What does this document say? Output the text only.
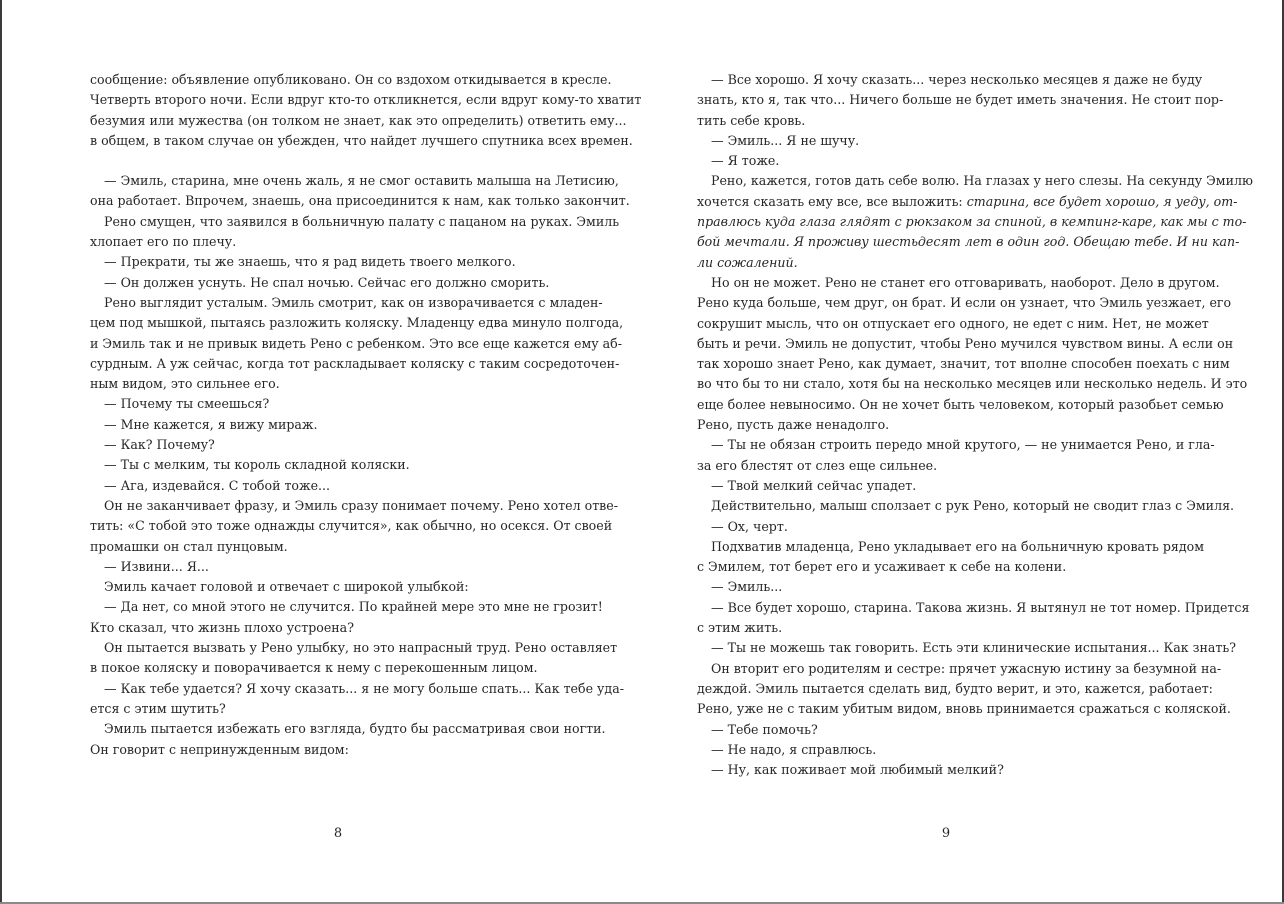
сообщение: объявление опубликовано. Он со вздохом откидывается в кресле.
Четверть второго ночи. Если вдруг кто-то откликнется, если вдруг кому-то хватит
безумия или мужества (он толком не знает, как это определить) ответить ему...
в общем, в таком случае он убежден, что найдет лучшего спутника всех времен.
— Эмиль, старина, мне очень жаль, я не смог оставить малыша на Летисию,
она работает. Впрочем, знаешь, она присоединится к нам, как только закончит.
Рено смущен, что заявился в больничную палату с пацаном на руках. Эмиль
хлопает его по плечу.
— Прекрати, ты же знаешь, что я рад видеть твоего мелкого.
— Он должен уснуть. Не спал ночью. Сейчас его должно сморить.
Рено выглядит усталым. Эмиль смотрит, как он изворачивается с младен-
цем под мышкой, пытаясь разложить коляску. Младенцу едва минуло полгода,
и Эмиль так и не привык видеть Рено с ребенком. Это все еще кажется ему аб-
сурдным. А уж сейчас, когда тот раскладывает коляску с таким сосредоточен-
ным видом, это сильнее его.
— Почему ты смеешься?
— Мне кажется, я вижу мираж.
— Как? Почему?
— Ты с мелким, ты король складной коляски.
— Ага, издевайся. С тобой тоже...
Он не заканчивает фразу, и Эмиль сразу понимает почему. Рено хотел отве-
тить: «С тобой это тоже однажды случится», как обычно, но осекся. От своей
промашки он стал пунцовым.
— Извини... Я...
Эмиль качает головой и отвечает с широкой улыбкой:
— Да нет, со мной этого не случится. По крайней мере это мне не грозит!
Кто сказал, что жизнь плохо устроена?
Он пытается вызвать у Рено улыбку, но это напрасный труд. Рено оставляет
в покое коляску и поворачивается к нему с перекошенным лицом.
— Как тебе удается? Я хочу сказать... я не могу больше спать... Как тебе уда-
ется с этим шутить?
Эмиль пытается избежать его взгляда, будто бы рассматривая свои ногти.
Он говорит с непринужденным видом:
— Все хорошо. Я хочу сказать... через несколько месяцев я даже не буду
знать, кто я, так что... Ничего больше не будет иметь значения. Не стоит пор-
тить себе кровь.
— Эмиль... Я не шучу.
— Я тоже.
Рено, кажется, готов дать себе волю. На глазах у него слезы. На секунду Эмилю
хочется сказать ему все, все выложить: старина, все будет хорошо, я уеду, от-
правлюсь куда глаза глядят с рюкзаком за спиной, в кемпинг-каре, как мы с то-
бой мечтали. Я проживу шестьдесят лет в один год. Обещаю тебе. И ни кап-
ли сожалений.
Но он не может. Рено не станет его отговаривать, наоборот. Дело в другом.
Рено куда больше, чем друг, он брат. И если он узнает, что Эмиль уезжает, его
сокрушит мысль, что он отпускает его одного, не едет с ним. Нет, не может
быть и речи. Эмиль не допустит, чтобы Рено мучился чувством вины. А если он
так хорошо знает Рено, как думает, значит, тот вполне способен поехать с ним
во что бы то ни стало, хотя бы на несколько месяцев или несколько недель. И это
еще более невыносимо. Он не хочет быть человеком, который разобьет семью
Рено, пусть даже ненадолго.
— Ты не обязан строить передо мной крутого, — не унимается Рено, и гла-
за его блестят от слез еще сильнее.
— Твой мелкий сейчас упадет.
Действительно, малыш сползает с рук Рено, который не сводит глаз с Эмиля.
— Ох, черт.
Подхватив младенца, Рено укладывает его на больничную кровать рядом
с Эмилем, тот берет его и усаживает к себе на колени.
— Эмиль...
— Все будет хорошо, старина. Такова жизнь. Я вытянул не тот номер. Придется
с этим жить.
— Ты не можешь так говорить. Есть эти клинические испытания... Как знать?
Он вторит его родителям и сестре: прячет ужасную истину за безумной на-
деждой. Эмиль пытается сделать вид, будто верит, и это, кажется, работает:
Рено, уже не с таким убитым видом, вновь принимается сражаться с коляской.
— Тебе помочь?
— Не надо, я справлюсь.
— Ну, как поживает мой любимый мелкий?
8	9
